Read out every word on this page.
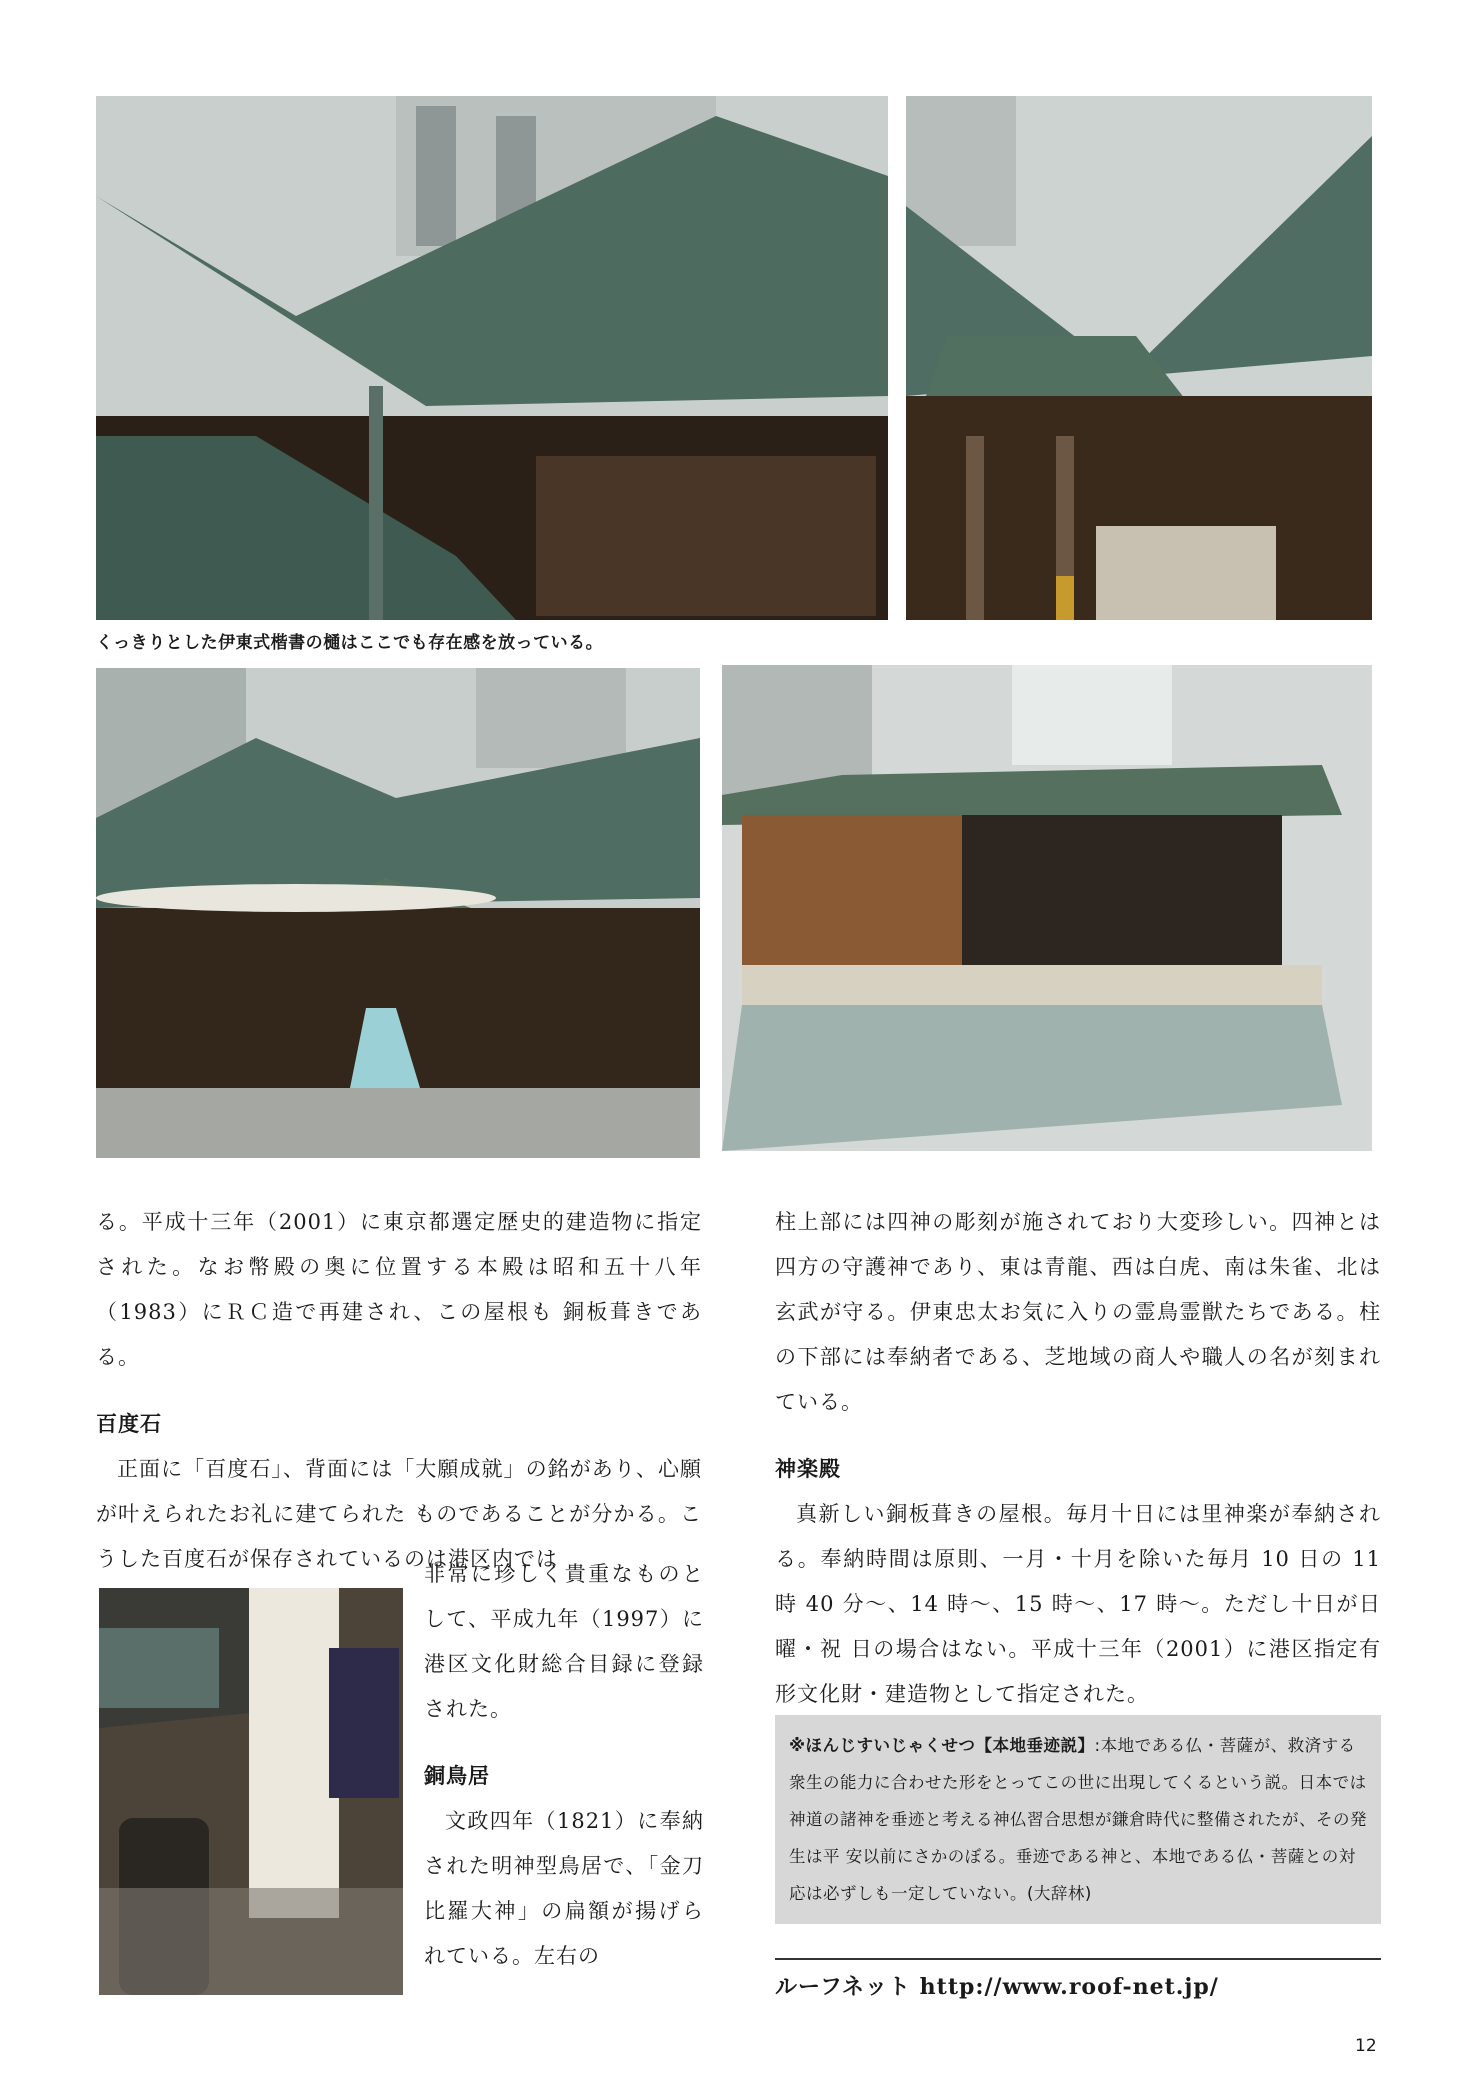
くっきりとした伊東式楷書の樋はここでも存在感を放っている。

る。平成十三年（2001）に東京都選定歴史的建造物に指定された。なお幣殿の奥に位置する本殿は昭和五十八年（1983）にＲＣ造で再建され、この屋根も 銅板葺きである。

百度石

正面に「百度石」、背面には「大願成就」の銘があり、心願が叶えられたお礼に建てられた ものであることが分かる。こうした百度石が保存されているのは港区内では

非常に珍しく貴重なものとして、平成九年（1997）に港区文化財総合目録に登録された。

銅鳥居

文政四年（1821）に奉納された明神型鳥居で、「金刀比羅大神」の扁額が揚げられている。左右の

柱上部には四神の彫刻が施されており大変珍しい。四神とは四方の守護神であり、東は青龍、西は白虎、南は朱雀、北は玄武が守る。伊東忠太お気に入りの霊鳥霊獣たちである。柱の下部には奉納者である、芝地域の商人や職人の名が刻まれている。

神楽殿

真新しい銅板葺きの屋根。毎月十日には里神楽が奉納される。奉納時間は原則、一月・十月を除いた毎月 10 日の 11 時 40 分〜、14 時〜、15 時〜、17 時〜。ただし十日が日曜・祝 日の場合はない。平成十三年（2001）に港区指定有形文化財・建造物として指定された。

※ほんじすいじゃくせつ【本地垂迹説】:本地である仏・菩薩が、救済する衆生の能力に合わせた形をとってこの世に出現してくるという説。日本では神道の諸神を垂迹と考える神仏習合思想が鎌倉時代に整備されたが、その発生は平 安以前にさかのぼる。垂迹である神と、本地である仏・菩薩との対応は必ずしも一定していない。(大辞林)
ルーフネット http://www.roof-net.jp/
12
